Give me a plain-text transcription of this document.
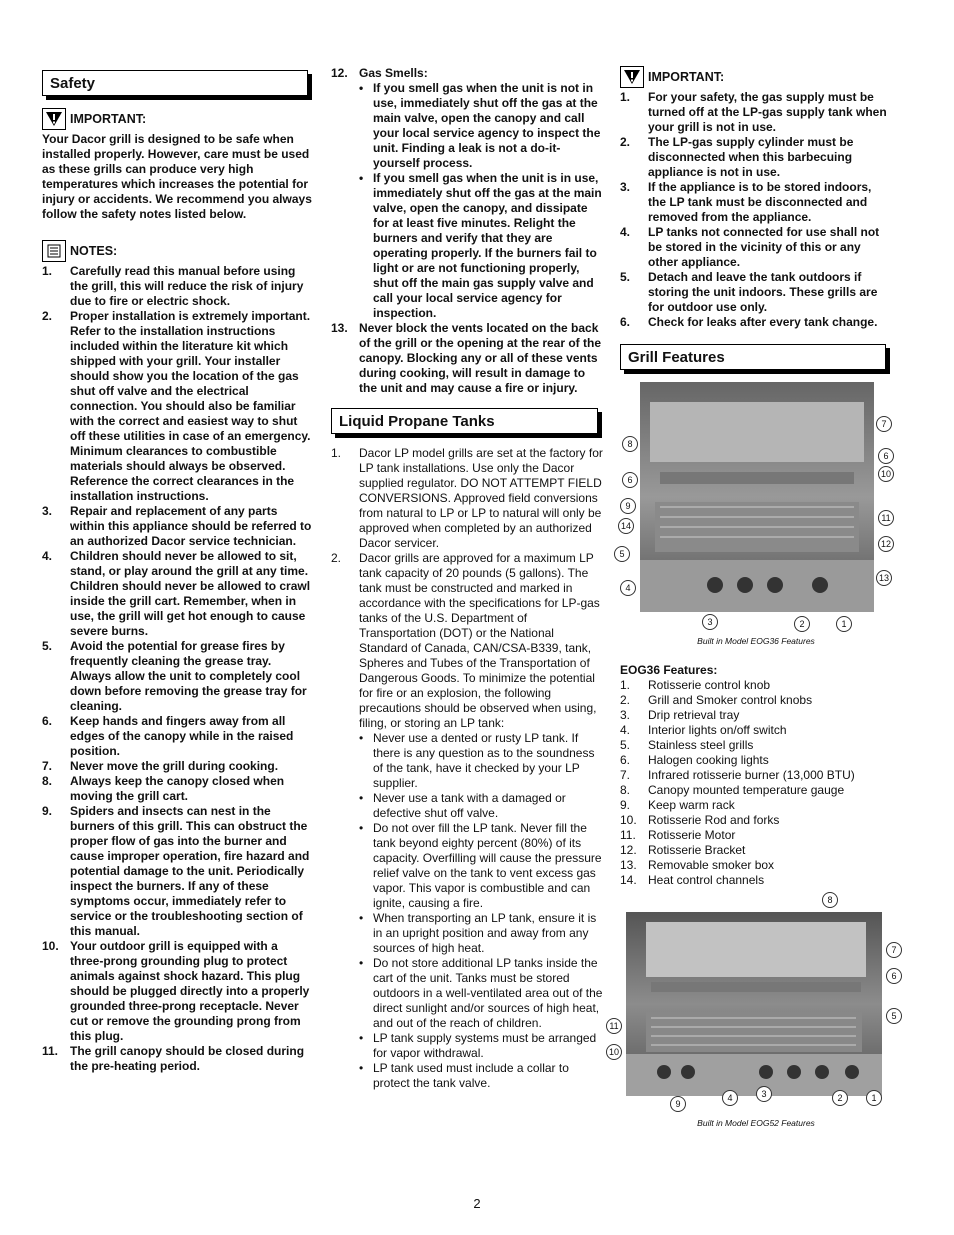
Safety
IMPORTANT:
Your Dacor grill is designed to be safe when installed properly. However, care must be used as these grills can produce very high temperatures which increases the potential for injury or accidents. We recommend you always follow the safety notes listed below.
NOTES:
1. Carefully read this manual before using the grill, this will reduce the risk of injury due to fire or electric shock.
2. Proper installation is extremely important. Refer to the installation instructions included within the literature kit which shipped with your grill. Your installer should show you the location of the gas shut off valve and the electrical connection. You should also be familiar with the correct and easiest way to shut off these utilities in case of an emergency. Minimum clearances to combustible materials should always be observed. Reference the correct clearances in the installation instructions.
3. Repair and replacement of any parts within this appliance should be referred to an authorized Dacor service technician.
4. Children should never be allowed to sit, stand, or play around the grill at any time. Children should never be allowed to crawl inside the grill cart. Remember, when in use, the grill will get hot enough to cause severe burns.
5. Avoid the potential for grease fires by frequently cleaning the grease tray. Always allow the unit to completely cool down before removing the grease tray for cleaning.
6. Keep hands and fingers away from all edges of the canopy while in the raised position.
7. Never move the grill during cooking.
8. Always keep the canopy closed when moving the grill cart.
9. Spiders and insects can nest in the burners of this grill. This can obstruct the proper flow of gas into the burner and cause improper operation, fire hazard and potential damage to the unit. Periodically inspect the burners. If any of these symptoms occur, immediately refer to service or the troubleshooting section of this manual.
10. Your outdoor grill is equipped with a three-prong grounding plug to protect animals against shock hazard. This plug should be plugged directly into a properly grounded three-prong receptacle. Never cut or remove the grounding prong from this plug.
11. The grill canopy should be closed during the pre-heating period.
12. Gas Smells:
• If you smell gas when the unit is not in use, immediately shut off the gas at the main valve, open the canopy and call your local service agency to inspect the unit. Finding a leak is not a do-it-yourself process.
• If you smell gas when the unit is in use, immediately shut off the gas at the main valve, open the canopy, and dissipate for at least five minutes. Relight the burners and verify that they are operating properly. If the burners fail to light or are not functioning properly, shut off the main gas supply valve and call your local service agency for inspection.
13. Never block the vents located on the back of the grill or the opening at the rear of the canopy. Blocking any or all of these vents during cooking, will result in damage to the unit and may cause a fire or injury.
Liquid Propane Tanks
1. Dacor LP model grills are set at the factory for LP tank installations. Use only the Dacor supplied regulator. DO NOT ATTEMPT FIELD CONVERSIONS. Approved field conversions from natural to LP or LP to natural will only be approved when completed by an authorized Dacor servicer.
2. Dacor grills are approved for a maximum LP tank capacity of 20 pounds (5 gallons). The tank must be constructed and marked in accordance with the specifications for LP-gas tanks of the U.S. Department of Transportation (DOT) or the National Standard of Canada, CAN/CSA-B339, tank, Spheres and Tubes of the Transportation of Dangerous Goods. To minimize the potential for fire or an explosion, the following precautions should be observed when using, filing, or storing an LP tank:
• Never use a dented or rusty LP tank. If there is any question as to the soundness of the tank, have it checked by your LP supplier.
• Never use a tank with a damaged or defective shut off valve.
• Do not over fill the LP tank. Never fill the tank beyond eighty percent (80%) of its capacity. Overfilling will cause the pressure relief valve on the tank to vent excess gas vapor. This vapor is combustible and can ignite, causing a fire.
• When transporting an LP tank, ensure it is in an upright position and away from any sources of high heat.
• Do not store additional LP tanks inside the cart of the unit. Tanks must be stored outdoors in a well-ventilated area out of the direct sunlight and/or sources of high heat, and out of the reach of children.
• LP tank supply systems must be arranged for vapor withdrawal.
• LP tank used must include a collar to protect the tank valve.
IMPORTANT:
1. For your safety, the gas supply must be turned off at the LP-gas supply tank when your grill is not in use.
2. The LP-gas supply cylinder must be disconnected when this barbecuing appliance is not in use.
3. If the appliance is to be stored indoors, the LP tank must be disconnected and removed from the appliance.
4. LP tanks not connected for use shall not be stored in the vicinity of this or any other appliance.
5. Detach and leave the tank outdoors if storing the unit indoors. These grills are for outdoor use only.
6. Check for leaks after every tank change.
Grill Features
8
7
6
10
6
9
11
14
12
5
13
4
3	2	1
Built in Model EOG36 Features
EOG36 Features:
1. Rotisserie control knob
2. Grill and Smoker control knobs
3. Drip retrieval tray
4. Interior lights on/off switch
5. Stainless steel grills
6. Halogen cooking lights
7. Infrared rotisserie burner (13,000 BTU)
8. Canopy mounted temperature gauge
9. Keep warm rack
10. Rotisserie Rod and forks
11. Rotisserie Motor
12. Rotisserie Bracket
13. Removable smoker box
14. Heat control channels
8
7
6
5
11
10
9
4	3	2	1
Built in Model EOG52 Features
2
